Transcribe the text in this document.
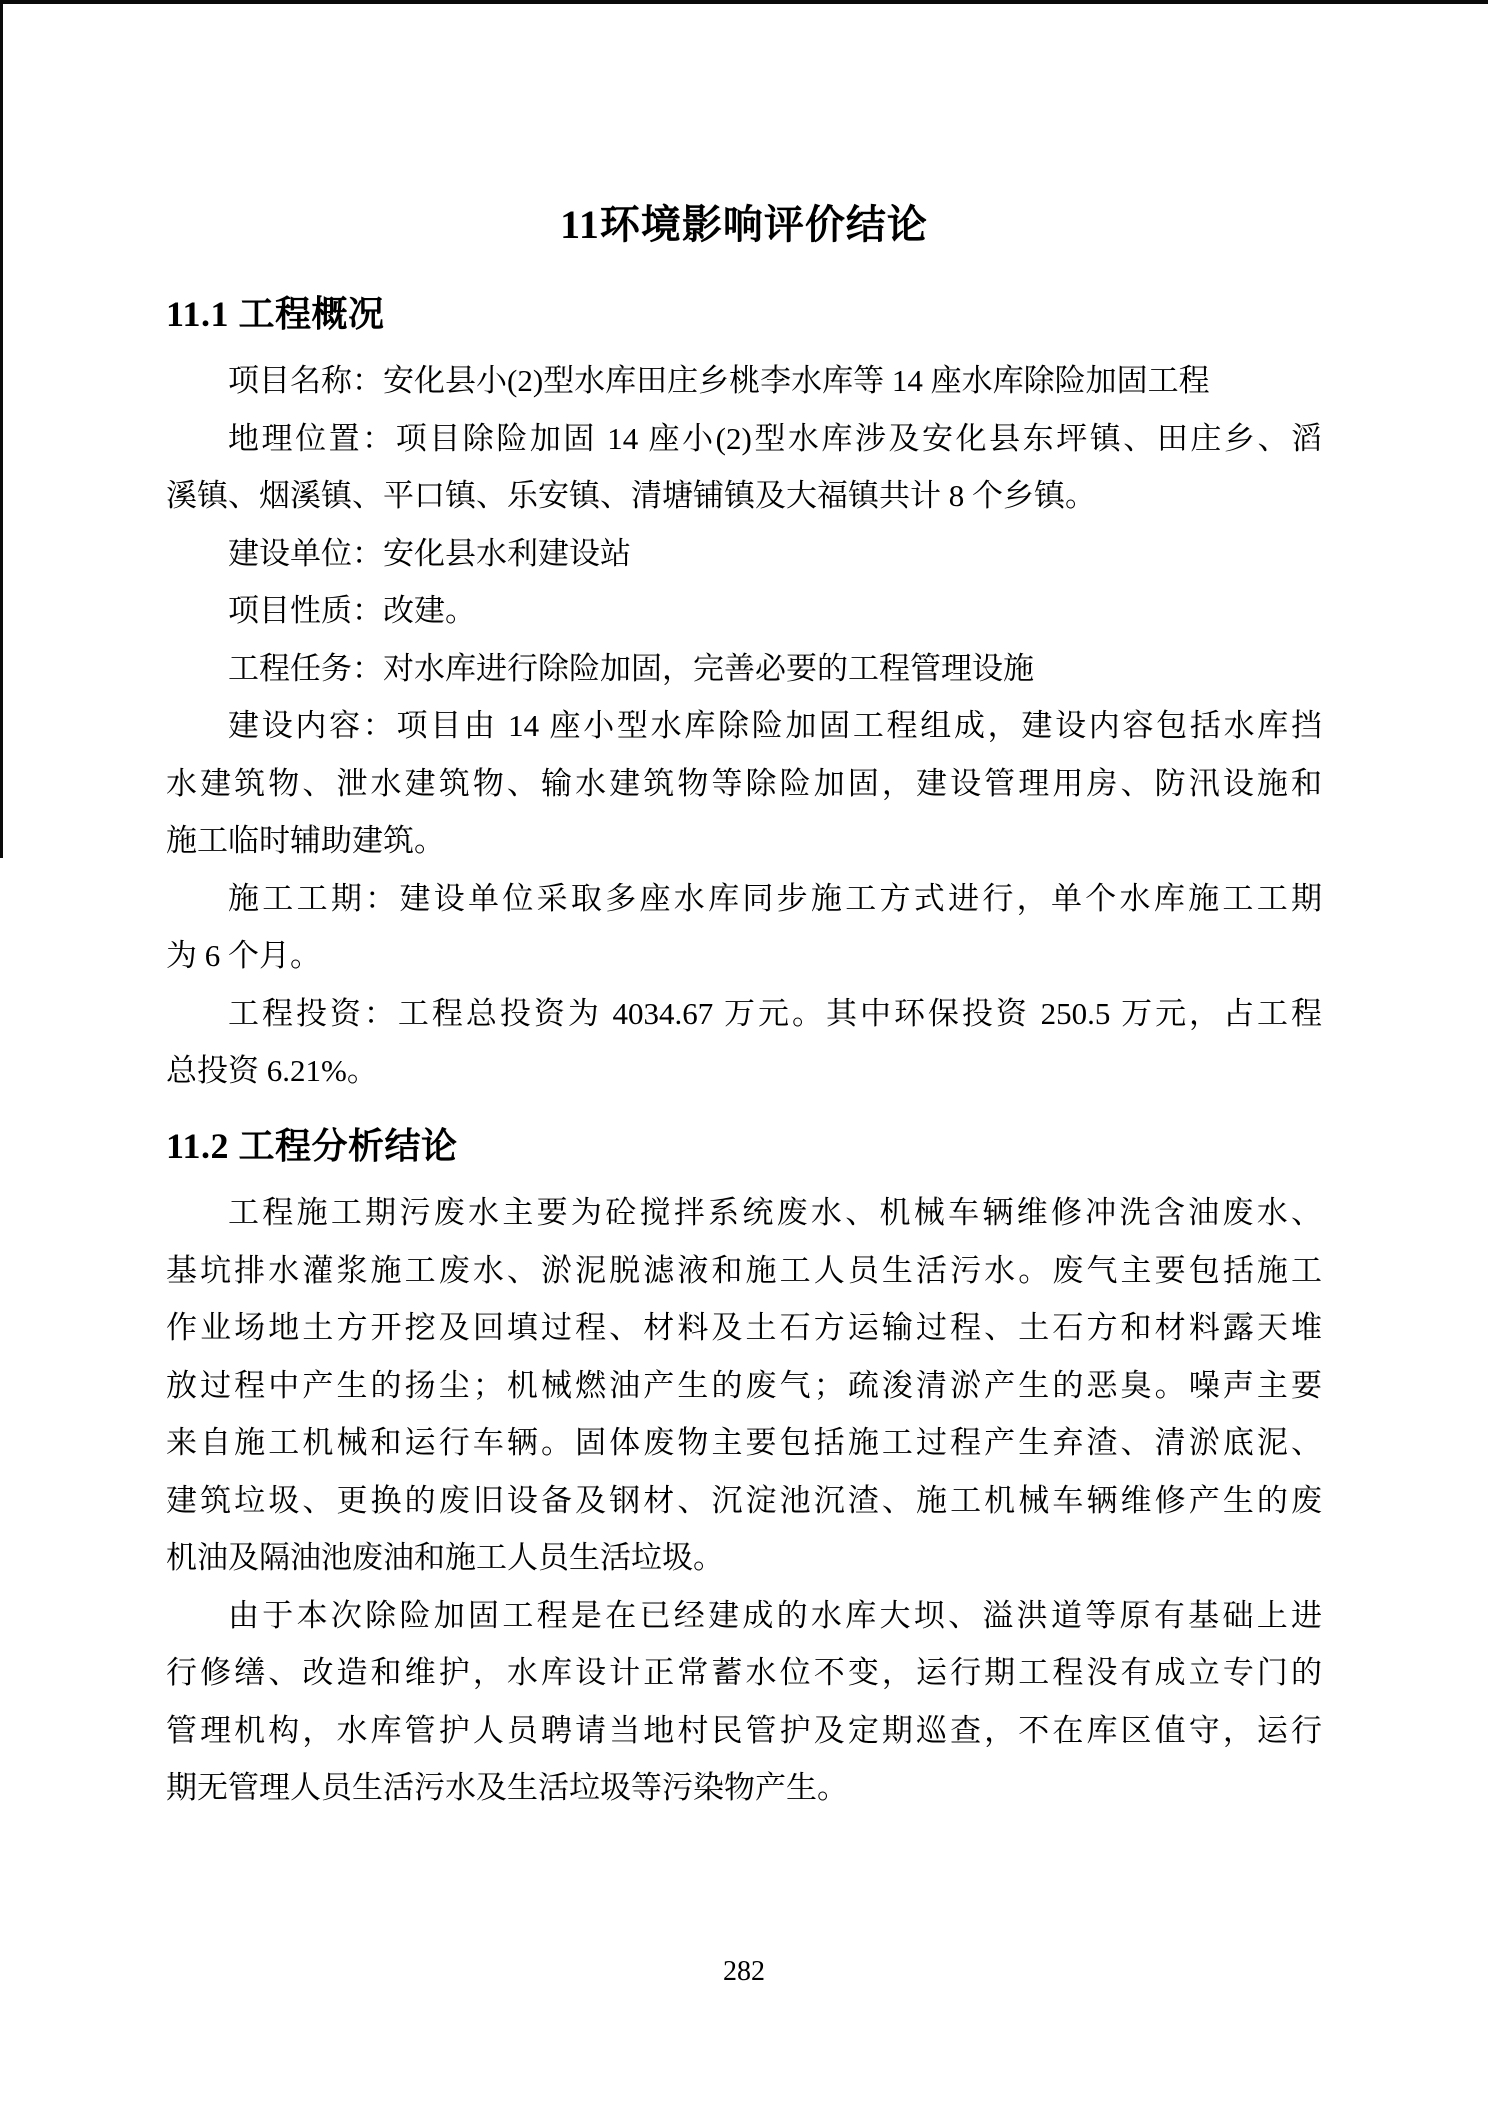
11环境影响评价结论
11.1 工程概况
项目名称：安化县小(2)型水库田庄乡桃李水库等 14 座水库除险加固工程
地理位置：项目除险加固 14 座小(2)型水库涉及安化县东坪镇、田庄乡、滔
溪镇、烟溪镇、平口镇、乐安镇、清塘铺镇及大福镇共计 8 个乡镇。
建设单位：安化县水利建设站
项目性质：改建。
工程任务：对水库进行除险加固，完善必要的工程管理设施
建设内容：项目由 14 座小型水库除险加固工程组成，建设内容包括水库挡
水建筑物、泄水建筑物、输水建筑物等除险加固，建设管理用房、防汛设施和
施工临时辅助建筑。
施工工期：建设单位采取多座水库同步施工方式进行，单个水库施工工期
为 6 个月。
工程投资：工程总投资为 4034.67 万元。其中环保投资 250.5 万元，占工程
总投资 6.21%。
11.2 工程分析结论
工程施工期污废水主要为砼搅拌系统废水、机械车辆维修冲洗含油废水、
基坑排水灌浆施工废水、淤泥脱滤液和施工人员生活污水。废气主要包括施工
作业场地土方开挖及回填过程、材料及土石方运输过程、土石方和材料露天堆
放过程中产生的扬尘；机械燃油产生的废气；疏浚清淤产生的恶臭。噪声主要
来自施工机械和运行车辆。固体废物主要包括施工过程产生弃渣、清淤底泥、
建筑垃圾、更换的废旧设备及钢材、沉淀池沉渣、施工机械车辆维修产生的废
机油及隔油池废油和施工人员生活垃圾。
由于本次除险加固工程是在已经建成的水库大坝、溢洪道等原有基础上进
行修缮、改造和维护，水库设计正常蓄水位不变，运行期工程没有成立专门的
管理机构，水库管护人员聘请当地村民管护及定期巡查，不在库区值守，运行
期无管理人员生活污水及生活垃圾等污染物产生。
282
